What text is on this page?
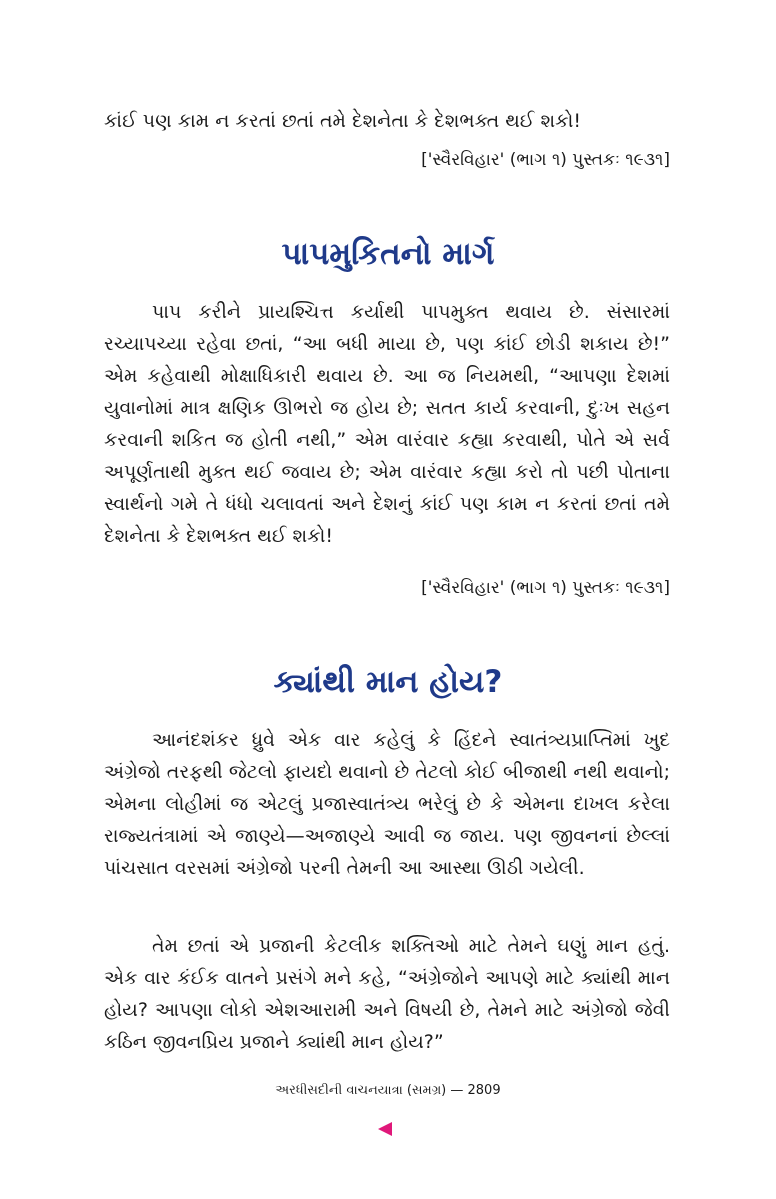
કાંઈ પણ કામ ન કરતાં છતાં તમે દેશનેતા કે દેશભક્ત થઈ શકો!

['સ્વૈરવિહાર' (ભાગ ૧) પુસ્તકઃ ૧૯૩૧]

પાપમુકિતનો માર્ગ

પાપ કરીને પ્રાયશ્ચિત્ત કર્યાથી પાપમુક્ત થવાય છે. સંસારમાં રચ્યાપચ્યા રહેવા છતાં, “આ બધી માયા છે, પણ કાંઈ છોડી શકાય છે!” એમ કહેવાથી મોક્ષાધિકારી થવાય છે. આ જ નિયમથી, “આપણા દેશમાં યુવાનોમાં માત્ર ક્ષણિક ઊભરો જ હોય છે; સતત કાર્ય કરવાની, દુઃખ સહન કરવાની શકિત જ હોતી નથી,” એમ વારંવાર કહ્યા કરવાથી, પોતે એ સર્વ અપૂર્ણતાથી મુક્ત થઈ જવાય છે; એમ વારંવાર કહ્યા કરો તો પછી પોતાના સ્વાર્થનો ગમે તે ધંધો ચલાવતાં અને દેશનું કાંઈ પણ કામ ન કરતાં છતાં તમે દેશનેતા કે દેશભક્ત થઈ શકો!

['સ્વૈરવિહાર' (ભાગ ૧) પુસ્તકઃ ૧૯૩૧]

ક્યાંથી માન હોય?

આનંદશંકર ધ્રુવે એક વાર કહેલું કે હિંદને સ્વાતંત્ર્યપ્રાપ્તિમાં ખુદ અંગ્રેજો તરફથી જેટલો ફાયદો થવાનો છે તેટલો કોઈ બીજાથી નથી થવાનો; એમના લોહીમાં જ એટલું પ્રજાસ્વાતંત્ર્ય ભરેલું છે કે એમના દાખલ કરેલા રાજ્યતંત્રામાં એ જાણ્યે—અજાણ્યે આવી જ જાય. પણ જીવનનાં છેલ્લાં પાંચસાત વરસમાં અંગ્રેજો પરની તેમની આ આસ્થા ઊઠી ગયેલી.

તેમ છતાં એ પ્રજાની કેટલીક શક્તિઓ માટે તેમને ઘણું માન હતું. એક વાર કંઈક વાતને પ્રસંગે મને કહે, “અંગ્રેજોને આપણે માટે ક્યાંથી માન હોય? આપણા લોકો એશઆરામી અને વિષયી છે, તેમને માટે અંગ્રેજો જેવી કઠિન જીવનપ્રિય પ્રજાને ક્યાંથી માન હોય?”

અરધીસદીની વાચનયાત્રા (સમગ્ર) — 2809
